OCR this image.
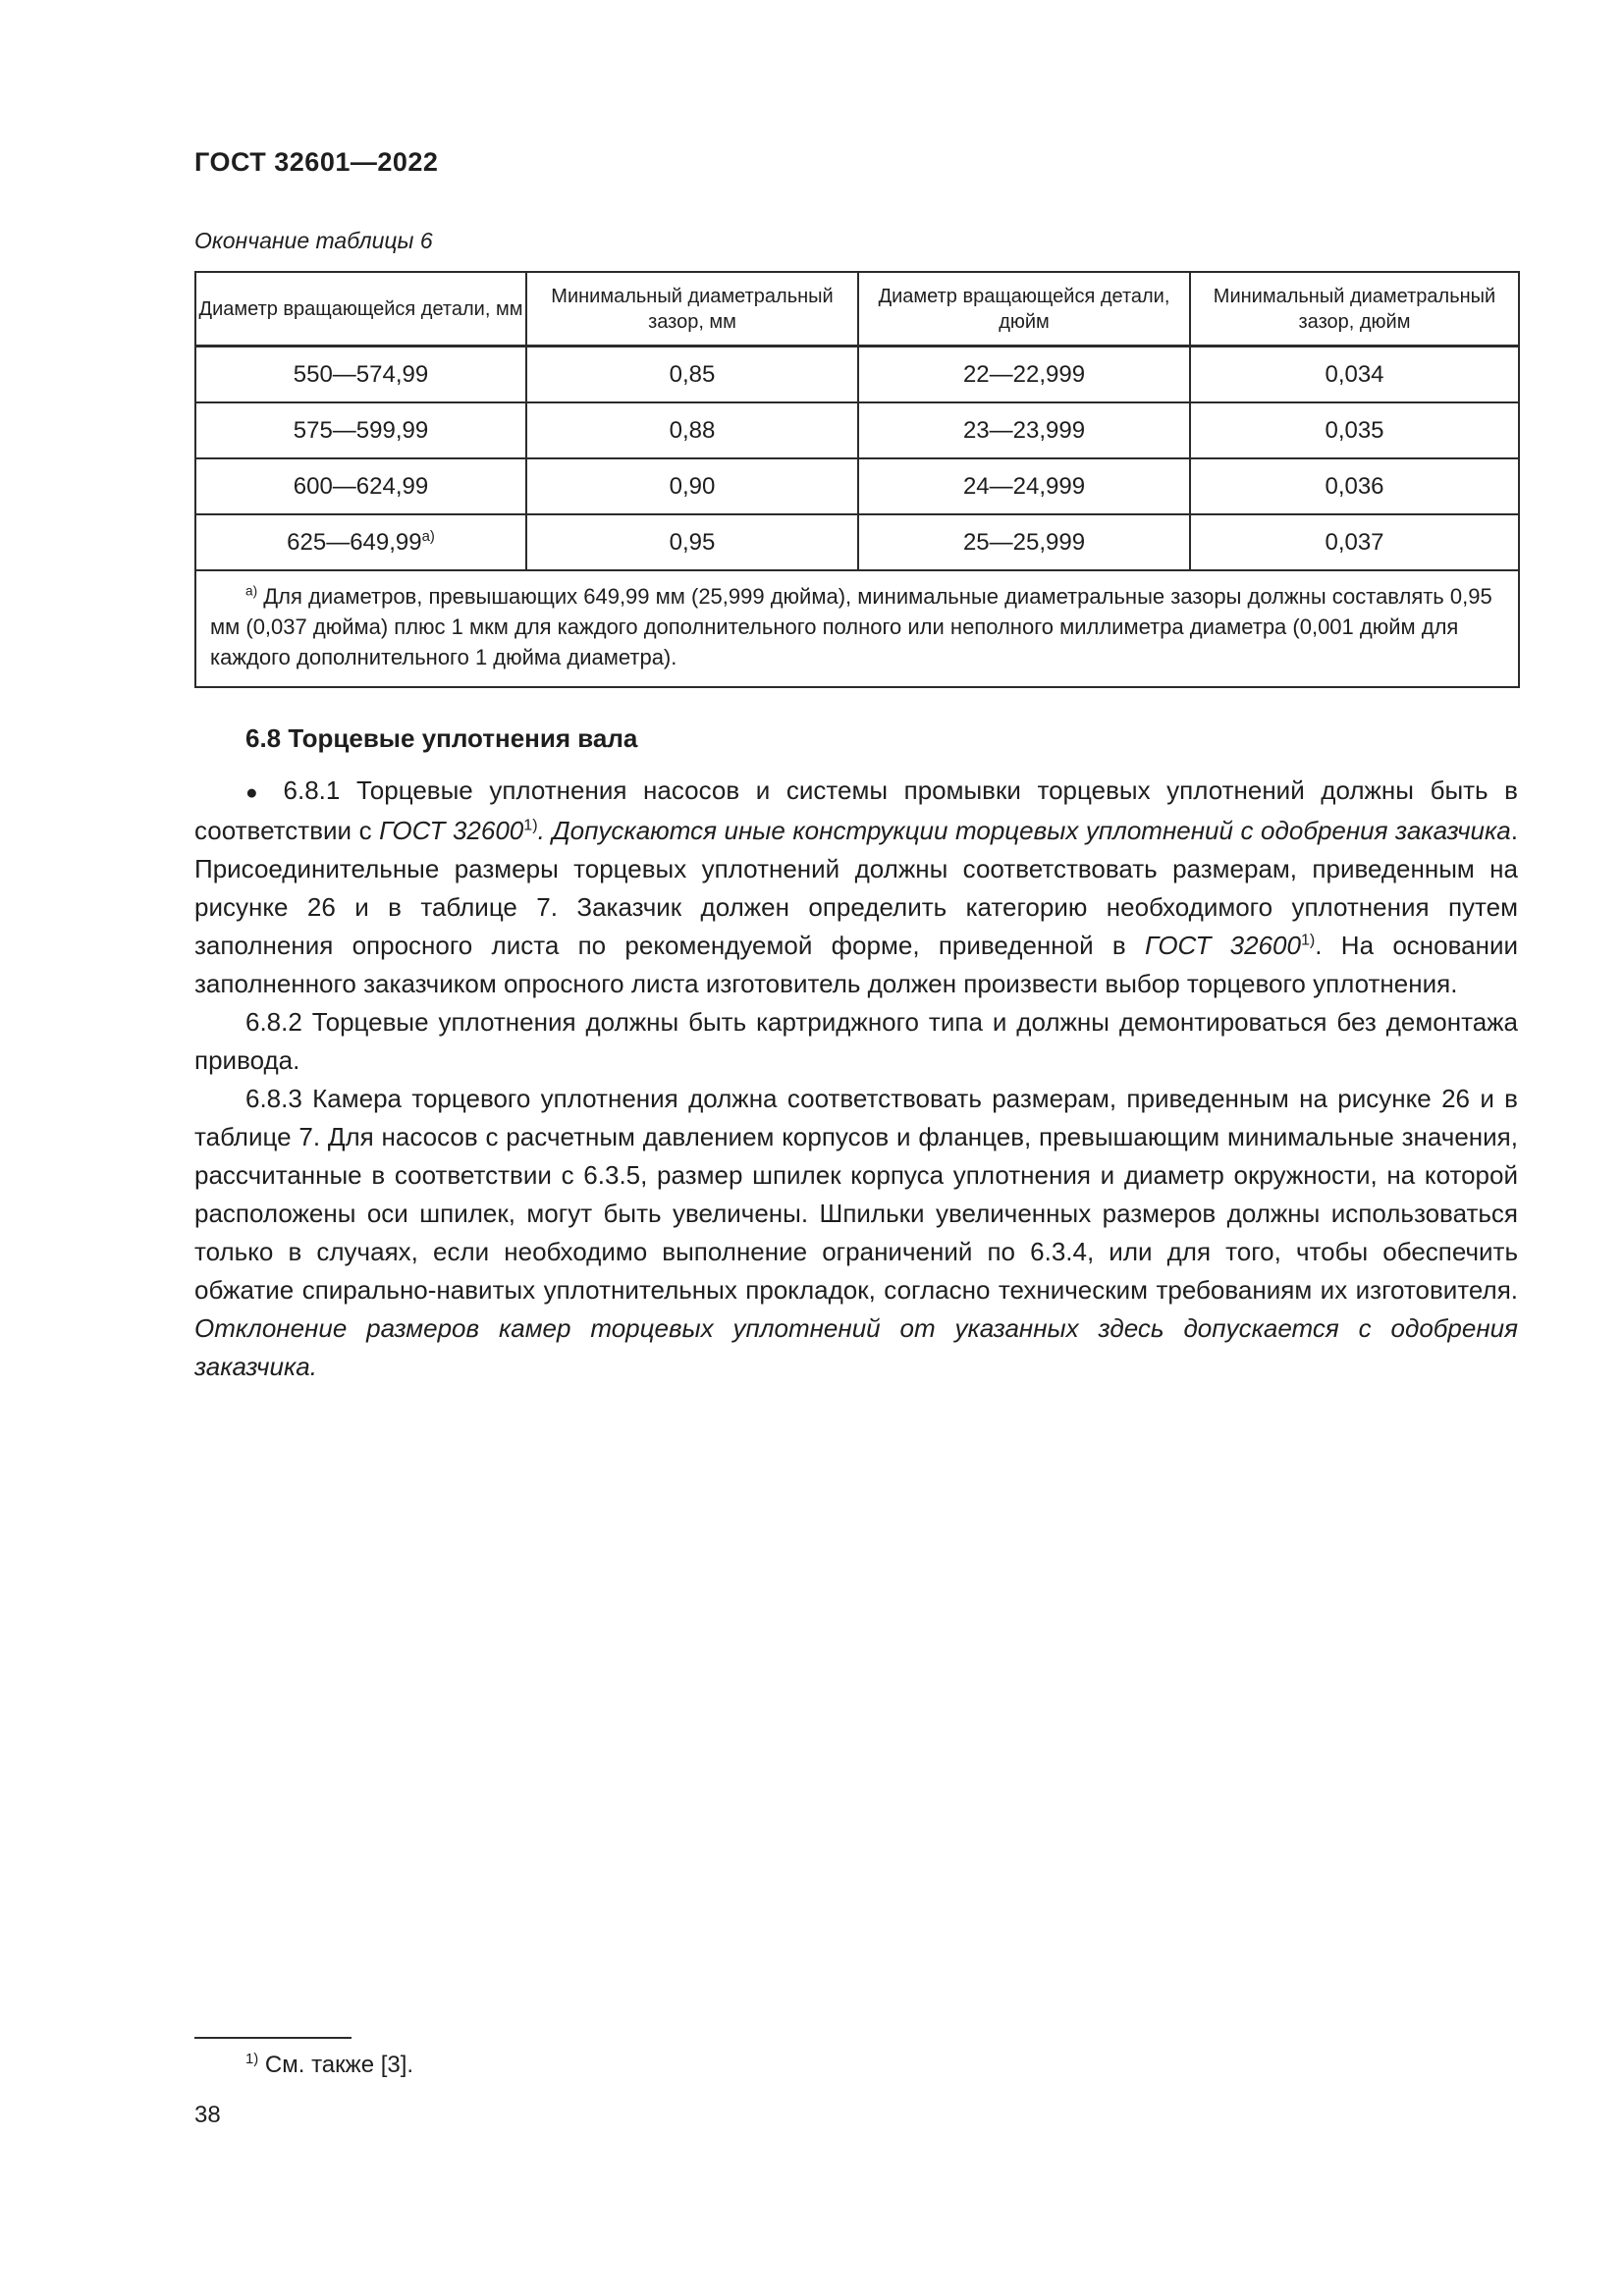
ГОСТ 32601—2022
Окончание таблицы 6
Диаметр вращающейся детали, мм	Минимальный диаметральный зазор, мм	Диаметр вращающейся детали, дюйм	Минимальный диаметральный зазор, дюйм
550—574,99	0,85	22—22,999	0,034
575—599,99	0,88	23—23,999	0,035
600—624,99	0,90	24—24,999	0,036
$625—649,99^{а)}$	0,95	25—25,999	0,037
$^{а)}$ Для диаметров, превышающих 649,99 мм (25,999 дюйма), минимальные диаметральные зазоры должны составлять 0,95 мм (0,037 дюйма) плюс 1 мкм для каждого дополнительного полного или неполного миллиметра диаметра (0,001 дюйм для каждого дополнительного 1 дюйма диаметра).			
6.8 Торцевые уплотнения вала

● 6.8.1 Торцевые уплотнения насосов и системы промывки торцевых уплотнений должны быть в соответствии с ГОСТ 32600$^{1)}$. Допускаются иные конструкции торцевых уплотнений с одобрения заказчика. Присоединительные размеры торцевых уплотнений должны соответствовать размерам, приведенным на рисунке 26 и в таблице 7. Заказчик должен определить категорию необходимого уплотнения путем заполнения опросного листа по рекомендуемой форме, приведенной в ГОСТ 32600$^{1)}$. На основании заполненного заказчиком опросного листа изготовитель должен произвести выбор торцевого уплотнения.

6.8.2 Торцевые уплотнения должны быть картриджного типа и должны демонтироваться без демонтажа привода.

6.8.3 Камера торцевого уплотнения должна соответствовать размерам, приведенным на рисунке 26 и в таблице 7. Для насосов с расчетным давлением корпусов и фланцев, превышающим минимальные значения, рассчитанные в соответствии с 6.3.5, размер шпилек корпуса уплотнения и диаметр окружности, на которой расположены оси шпилек, могут быть увеличены. Шпильки увеличенных размеров должны использоваться только в случаях, если необходимо выполнение ограничений по 6.3.4, или для того, чтобы обеспечить обжатие спирально-навитых уплотнительных прокладок, согласно техническим требованиям их изготовителя. Отклонение размеров камер торцевых уплотнений от указанных здесь допускается с одобрения заказчика.

$^{1)}$ См. также [3].
38
